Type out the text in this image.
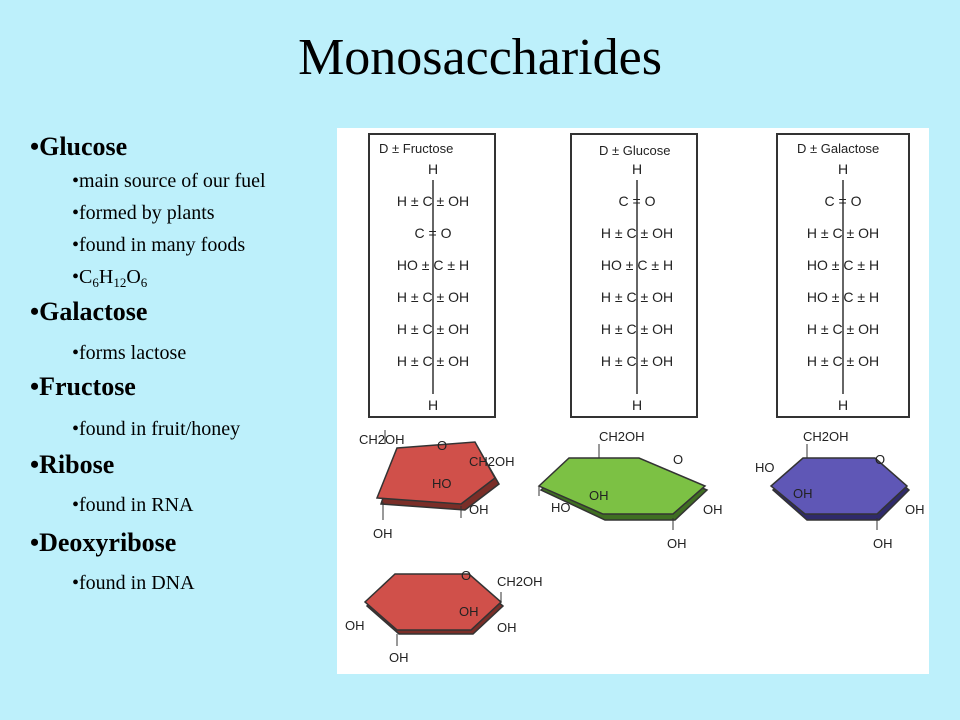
Monosaccharides
•Glucose
•main source of our fuel
•formed by plants
•found in many foods
$•C_6H_{12}O_6$
•Galactose
•forms lactose
•Fructose
•found in fruit/honey
•Ribose
•found in RNA
•Deoxyribose
•found in DNA
D ± Fructose
H
H ± C ± OH
C = O
HO ± C ± H
H ± C ± OH
H ± C ± OH
H ± C ± OH
H
D ± Glucose
H
C = O
H ± C ± OH
HO ± C ± H
H ± C ± OH
H ± C ± OH
H ± C ± OH
H
D ± Galactose
H
C = O
H ± C ± OH
HO ± C ± H
HO ± C ± H
H ± C ± OH
H ± C ± OH
H
CH2OH O
CH2OH
HO
OH
OH
CH2OH
O
OH
HO	OH
OH
CH2OH
HO
O
OH
OH
OH
O CH2OH
OH
OH
OH
OH
